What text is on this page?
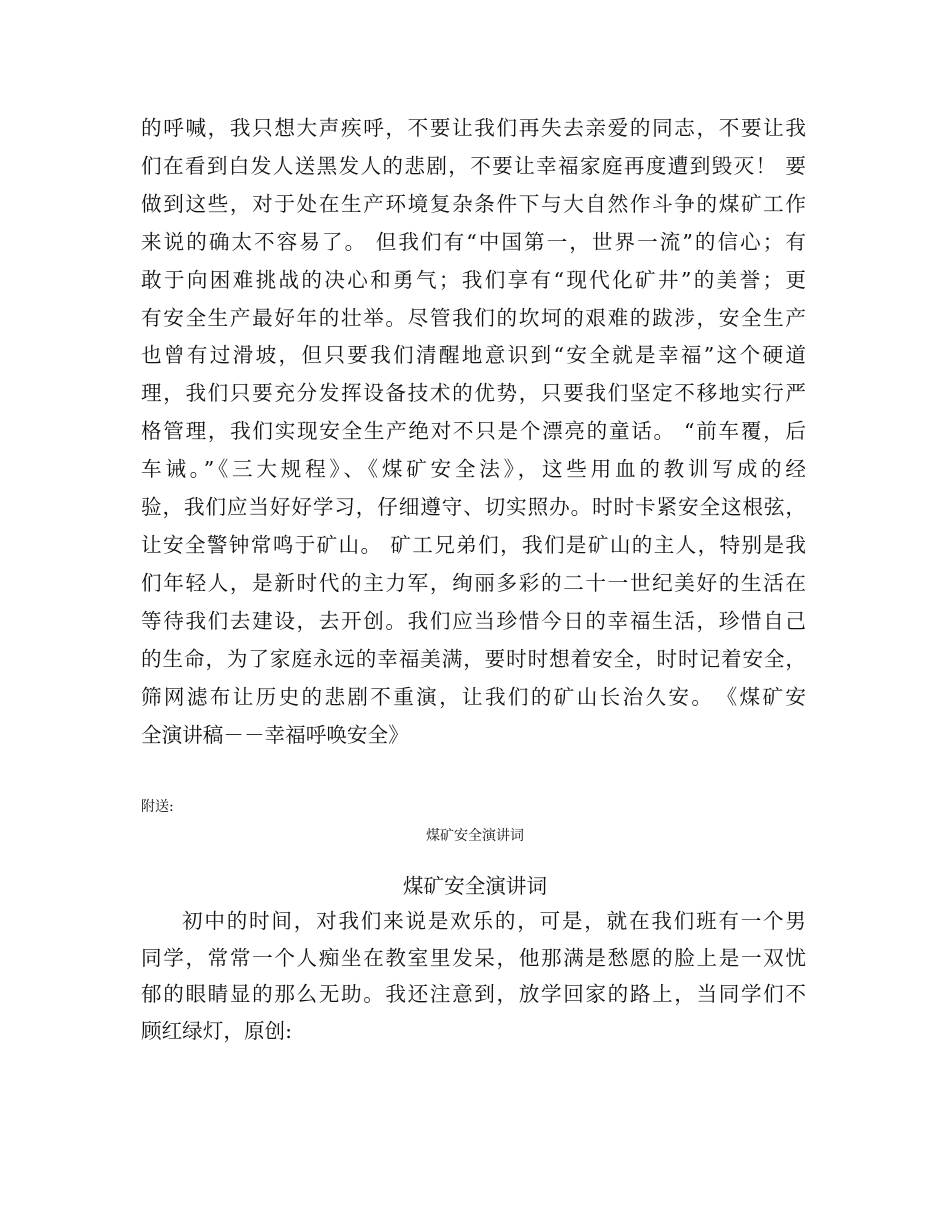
的呼喊，我只想大声疾呼，不要让我们再失去亲爱的同志，不要让我
们在看到白发人送黑发人的悲剧，不要让幸福家庭再度遭到毁灭！ 要
做到这些，对于处在生产环境复杂条件下与大自然作斗争的煤矿工作
来说的确太不容易了。 但我们有“中国第一，世界一流”的信心；有
敢于向困难挑战的决心和勇气；我们享有“现代化矿井”的美誉；更
有安全生产最好年的壮举。尽管我们的坎坷的艰难的跋涉，安全生产
也曾有过滑坡，但只要我们清醒地意识到“安全就是幸福”这个硬道
理，我们只要充分发挥设备技术的优势，只要我们坚定不移地实行严
格管理，我们实现安全生产绝对不只是个漂亮的童话。 “前车覆，后
车诫。”《三大规程》、《煤矿安全法》，这些用血的教训写成的经
验，我们应当好好学习，仔细遵守、切实照办。时时卡紧安全这根弦，
让安全警钟常鸣于矿山。 矿工兄弟们，我们是矿山的主人，特别是我
们年轻人，是新时代的主力军，绚丽多彩的二十一世纪美好的生活在
等待我们去建设，去开创。我们应当珍惜今日的幸福生活，珍惜自己
的生命，为了家庭永远的幸福美满，要时时想着安全，时时记着安全，
筛网滤布让历史的悲剧不重演，让我们的矿山长治久安。　《煤矿安
全演讲稿－－幸福呼唤安全》

附送:

煤矿安全演讲词

煤矿安全演讲词
初中的时间，对我们来说是欢乐的，可是，就在我们班有一个男
同学，常常一个人痴坐在教室里发呆，他那满是愁愿的脸上是一双忧
郁的眼睛显的那么无助。我还注意到，放学回家的路上，当同学们不
顾红绿灯，原创:
